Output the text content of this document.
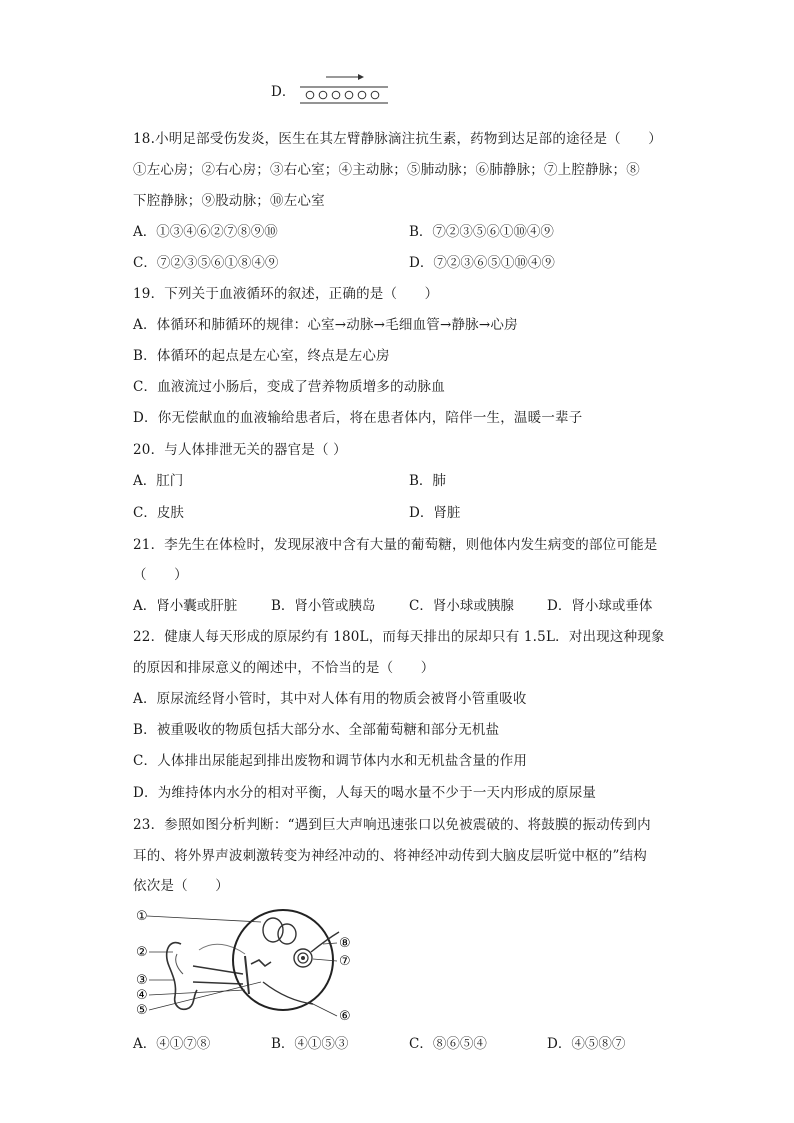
D．
18.小明足部受伤发炎，医生在其左臂静脉滴注抗生素，药物到达足部的途径是（　　）
①左心房；②右心房；③右心室；④主动脉；⑤肺动脉；⑥肺静脉；⑦上腔静脉；⑧
下腔静脉；⑨股动脉；⑩左心室
A．①③④⑥②⑦⑧⑨⑩	B．⑦②③⑤⑥①⑩④⑨
C．⑦②③⑤⑥①⑧④⑨	D．⑦②③⑥⑤①⑩④⑨
19．下列关于血液循环的叙述，正确的是（　　）
A．体循环和肺循环的规律：心室→动脉→毛细血管→静脉→心房
B．体循环的起点是左心室，终点是左心房
C．血液流过小肠后，变成了营养物质增多的动脉血
D．你无偿献血的血液输给患者后，将在患者体内，陪伴一生，温暖一辈子
20．与人体排泄无关的器官是（ ）
A．肛门	B．肺
C．皮肤	D．肾脏
21．李先生在体检时，发现尿液中含有大量的葡萄糖，则他体内发生病变的部位可能是
（　　）
A．肾小囊或肝脏	B．肾小管或胰岛 C．肾小球或胰腺 D．肾小球或垂体
22．健康人每天形成的原尿约有 180L，而每天排出的尿却只有 1.5L．对出现这种现象
的原因和排尿意义的阐述中，不恰当的是（　　）
A．原尿流经肾小管时，其中对人体有用的物质会被肾小管重吸收
B．被重吸收的物质包括大部分水、全部葡萄糖和部分无机盐
C．人体排出尿能起到排出废物和调节体内水和无机盐含量的作用
D．为维持体内水分的相对平衡，人每天的喝水量不少于一天内形成的原尿量
23．参照如图分析判断：“遇到巨大声响迅速张口以免被震破的、将鼓膜的振动传到内
耳的、将外界声波刺激转变为神经冲动的、将神经冲动传到大脑皮层听觉中枢的”结构
依次是（　　）
①
②
③
④
⑤	⑥
⑦
⑧
A．④①⑦⑧	B．④①⑤③	C．⑧⑥⑤④	D．④⑤⑧⑦
